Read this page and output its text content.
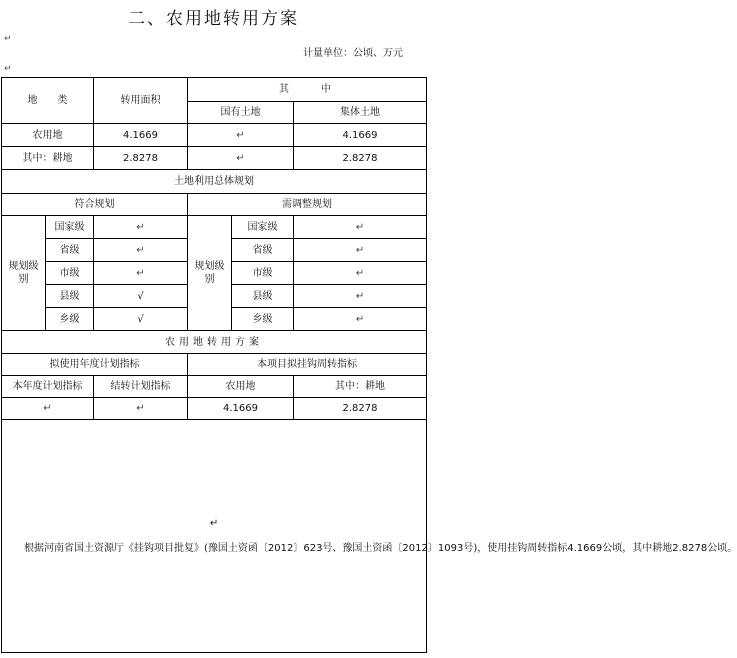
二、农用地转用方案
↵
↵
计量单位：公顷、万元
地　　类		转用面积	其　　中		
			国有土地		集体土地
农用地		4.1669	↵		4.1669
其中：耕地		2.8278	↵		2.8278
土地利用总体规划					
符合规划			需调整规划		
规划级别	国家级	↵	规划级别	国家级	↵
	省级	↵		省级	↵
	市级	↵		市级	↵
	县级	√		县级	↵
	乡级	√		乡级	↵
农用地转用方案					
拟使用年度计划指标			本项目拟挂钩周转指标		
本年度计划指标		结转计划指标	农用地		其中：耕地
↵		↵	4.1669		2.8278
↵
根据河南省国土资源厅《挂钩项目批复》(豫国土资函〔2012〕623号、豫国土资函〔2012〕1093号)，使用挂钩周转指标4.1669公顷，其中耕地2.8278公顷。					
